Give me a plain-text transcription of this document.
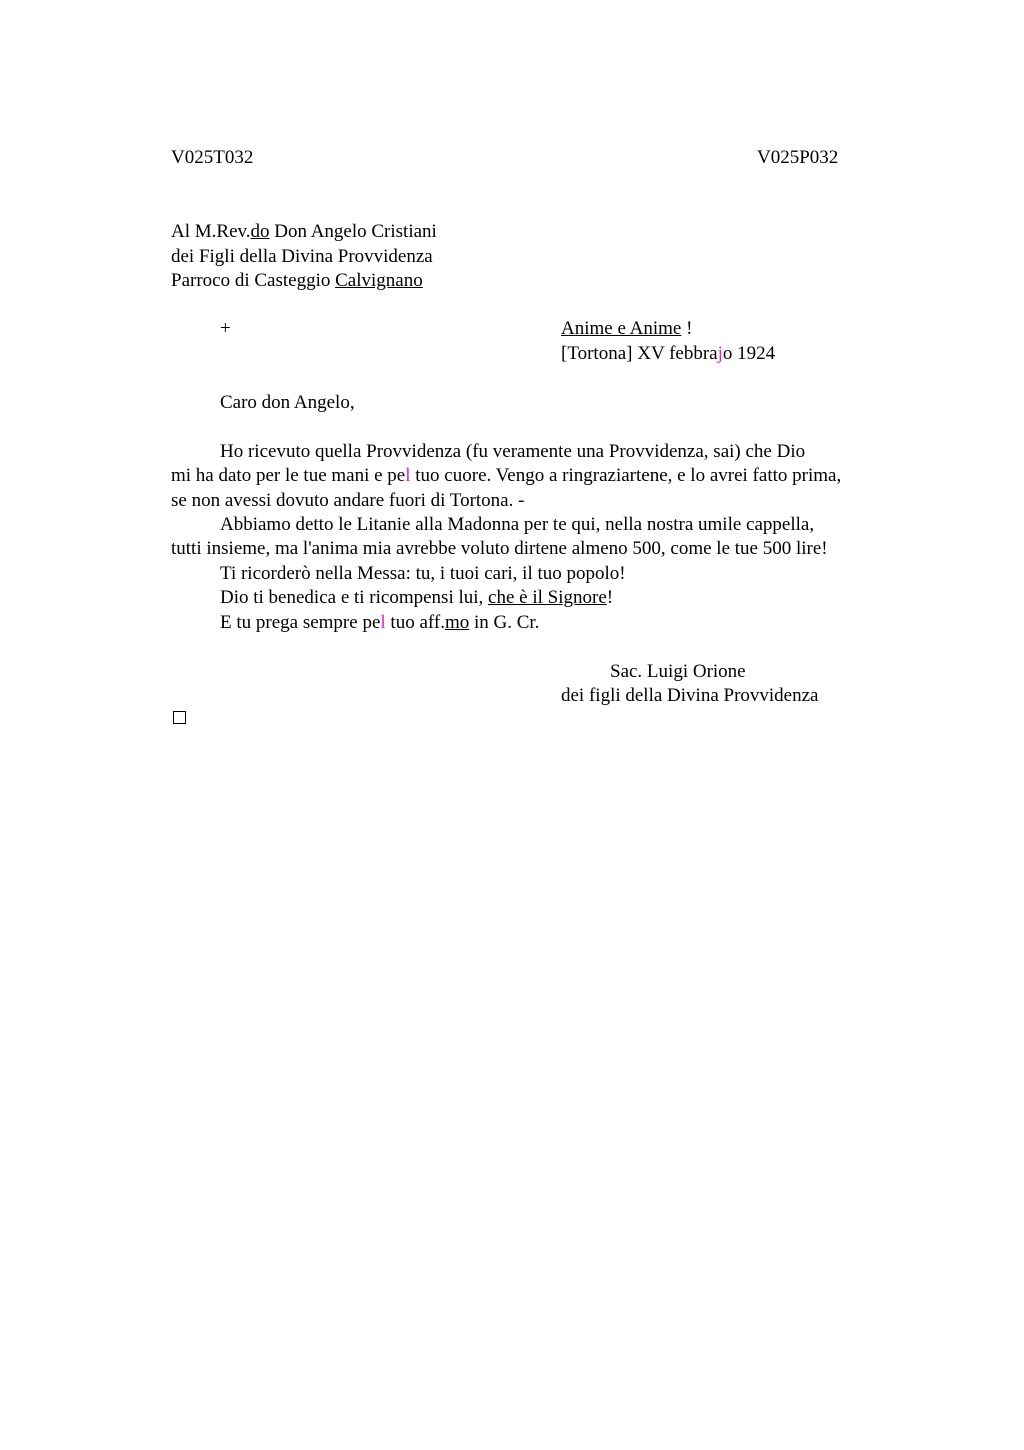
V025T032	V025P032

Al M.Rev.do Don Angelo Cristiani

dei Figli della Divina Provvidenza

Parroco di Casteggio Calvignano

+	Anime e Anime !

[Tortona] XV febbrajo 1924

Caro don Angelo,

Ho ricevuto quella Provvidenza (fu veramente una Provvidenza, sai) che Dio

mi ha dato per le tue mani e pel tuo cuore. Vengo a ringraziartene, e lo avrei fatto prima,

se non avessi dovuto andare fuori di Tortona. -

Abbiamo detto le Litanie alla Madonna per te qui, nella nostra umile cappella,

tutti insieme, ma l'anima mia avrebbe voluto dirtene almeno 500, come le tue 500 lire!

Ti ricorderò nella Messa: tu, i tuoi cari, il tuo popolo!

Dio ti benedica e ti ricompensi lui, che è il Signore!

E tu prega sempre pel tuo aff.mo in G. Cr.

Sac. Luigi Orione

dei figli della Divina Provvidenza
